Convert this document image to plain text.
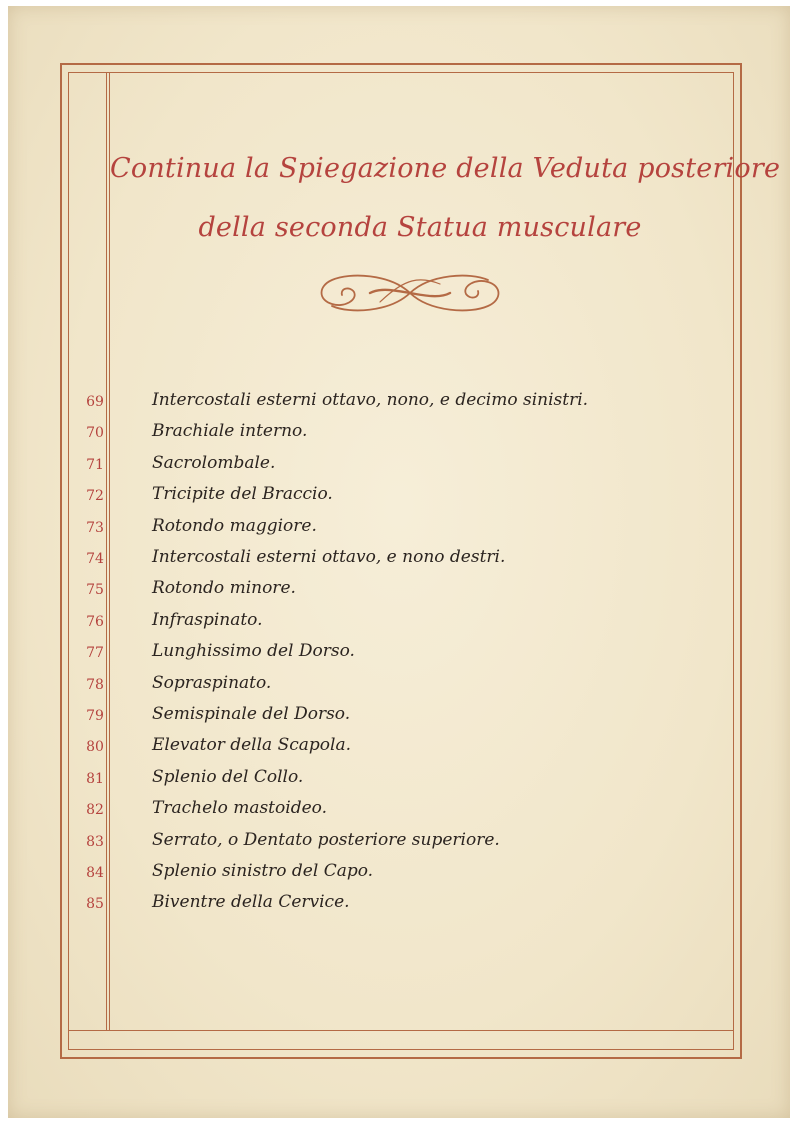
Continua la Spiegazione della Veduta posteriore
della seconda Statua musculare
69	Intercostali esterni ottavo, nono, e decimo sinistri.
70	Brachiale interno.
71	Sacrolombale.
72	Tricipite del Braccio.
73	Rotondo maggiore.
74	Intercostali esterni ottavo, e nono destri.
75	Rotondo minore.
76	Infraspinato.
77	Lunghissimo del Dorso.
78	Sopraspinato.
79	Semispinale del Dorso.
80	Elevator della Scapola.
81	Splenio del Collo.
82	Trachelo mastoideo.
83	Serrato, o Dentato posteriore superiore.
84	Splenio sinistro del Capo.
85	Biventre della Cervice.
